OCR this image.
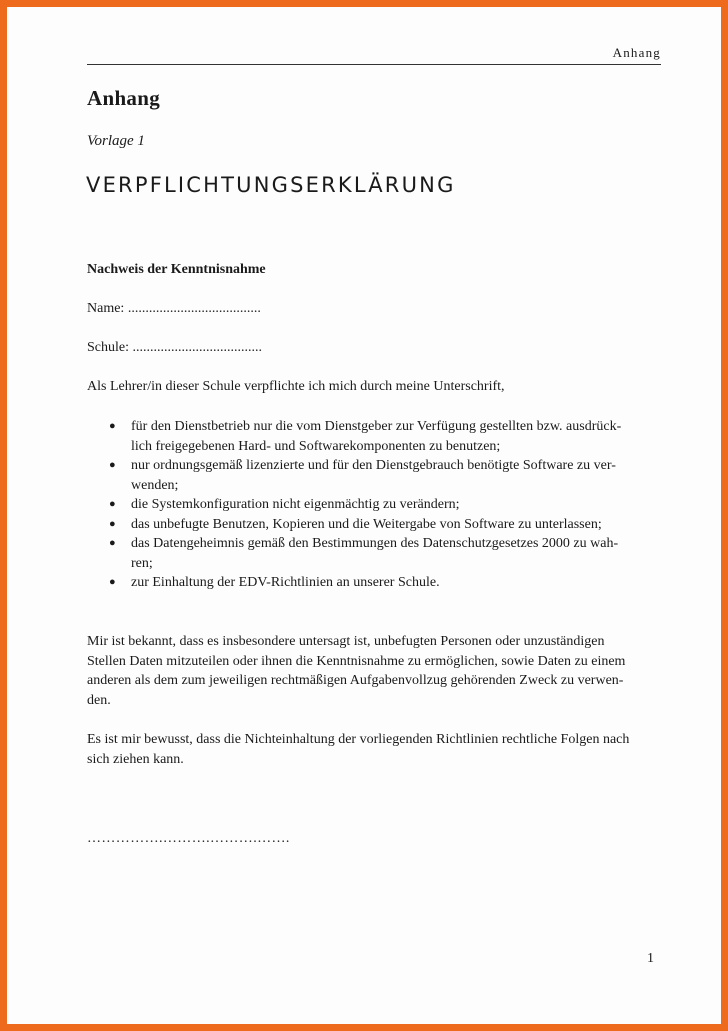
Anhang
Anhang
Vorlage 1
VERPFLICHTUNGSERKLÄRUNG
Nachweis der Kenntnisnahme
Name: ......................................
Schule: .....................................
Als Lehrer/in dieser Schule verpflichte ich mich durch meine Unterschrift,
● für den Dienstbetrieb nur die vom Dienstgeber zur Verfügung gestellten bzw. ausdrück-
lich freigegebenen Hard- und Softwarekomponenten zu benutzen;
● nur ordnungsgemäß lizenzierte und für den Dienstgebrauch benötigte Software zu ver-
wenden;
● die Systemkonfiguration nicht eigenmächtig zu verändern;
● das unbefugte Benutzen, Kopieren und die Weitergabe von Software zu unterlassen;
● das Datengeheimnis gemäß den Bestimmungen des Datenschutzgesetzes 2000 zu wah-
ren;
● zur Einhaltung der EDV-Richtlinien an unserer Schule.

Mir ist bekannt, dass es insbesondere untersagt ist, unbefugten Personen oder unzuständigen
Stellen Daten mitzuteilen oder ihnen die Kenntnisnahme zu ermöglichen, sowie Daten zu einem
anderen als dem zum jeweiligen rechtmäßigen Aufgabenvollzug gehörenden Zweck zu verwen-
den.

Es ist mir bewusst, dass die Nichteinhaltung der vorliegenden Richtlinien rechtliche Folgen nach
sich ziehen kann.

…………….……….……….…….
1
